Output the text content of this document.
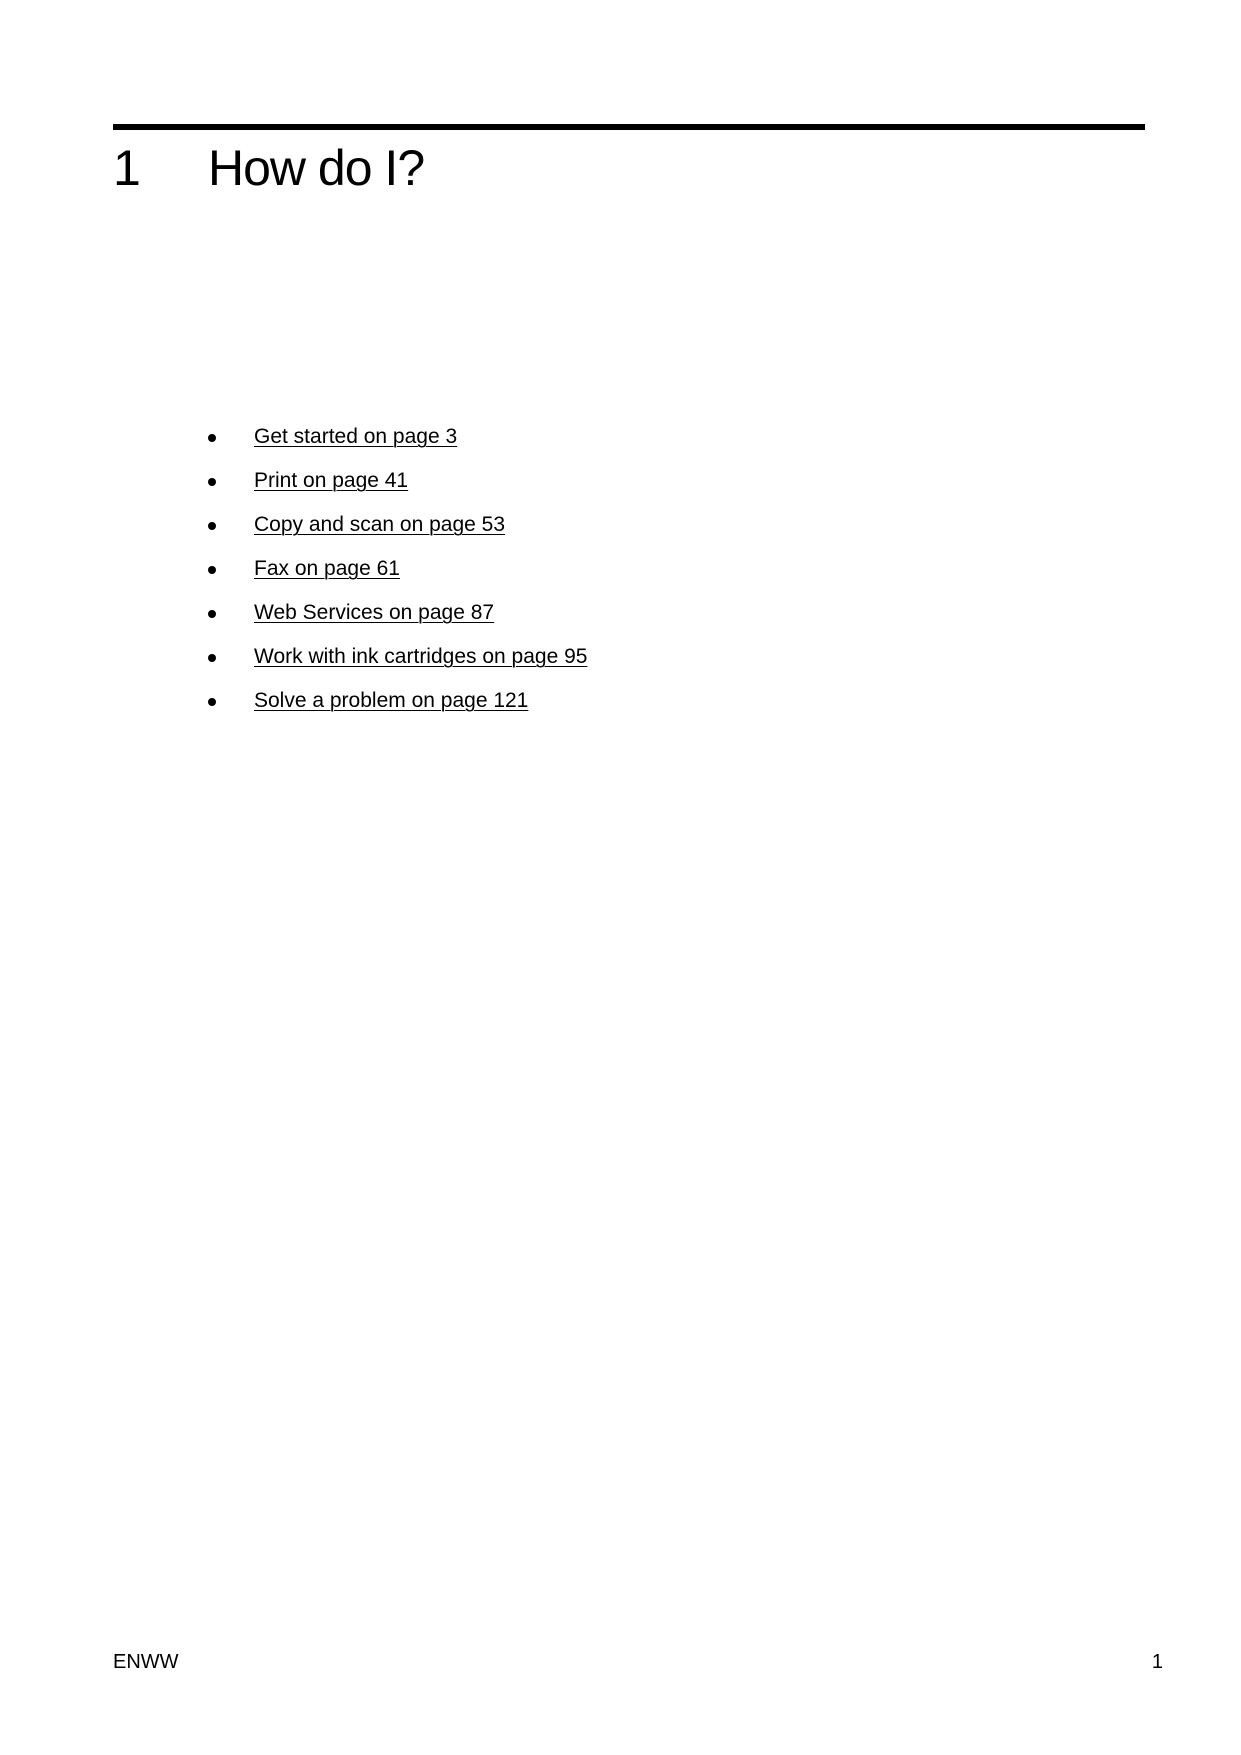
1 How do I?
Get started on page 3
Print on page 41
Copy and scan on page 53
Fax on page 61
Web Services on page 87
Work with ink cartridges on page 95
Solve a problem on page 121
ENWW	1
